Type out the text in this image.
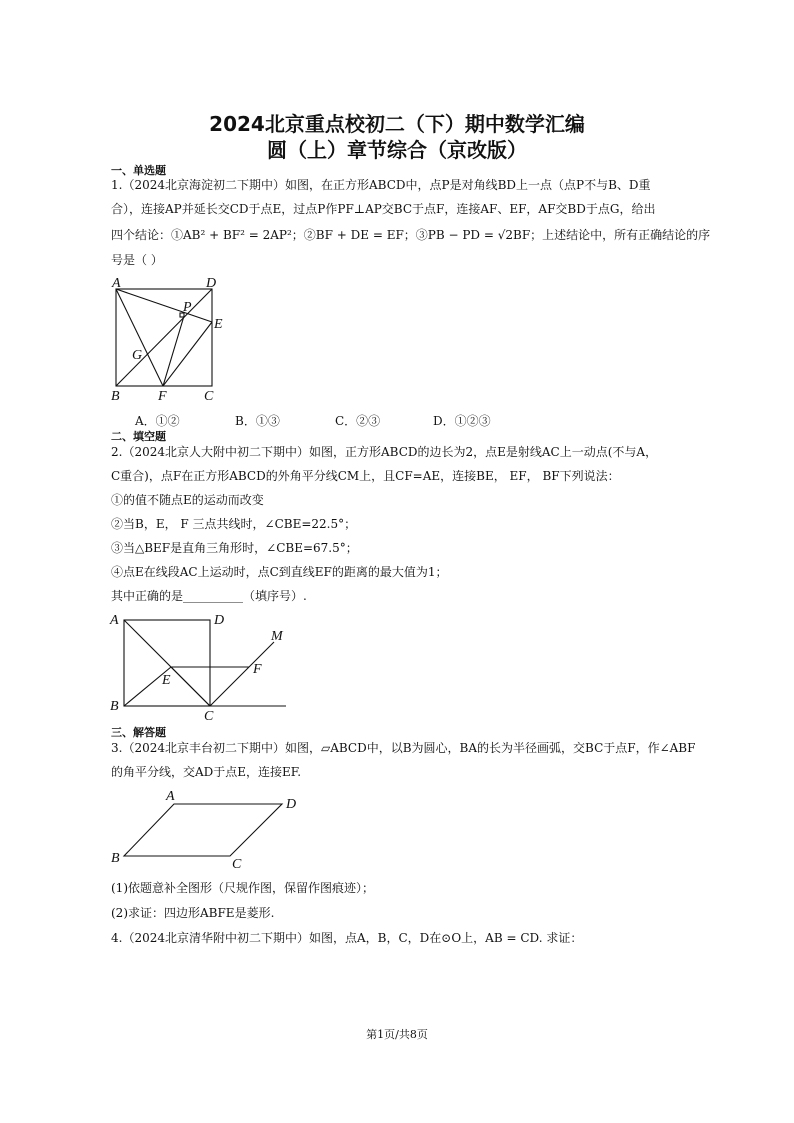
2024北京重点校初二（下）期中数学汇编
圆（上）章节综合（京改版）
一、单选题
1.（2024北京海淀初二下期中）如图，在正方形ABCD中，点P是对角线BD上一点（点P不与B、D重
合），连接AP并延长交CD于点E，过点P作PF⊥AP交BC于点F，连接AF、EF，AF交BD于点G，给出
四个结论：①AB² + BF² = 2AP²；②BF + DE = EF；③PB − PD = √2BF；上述结论中，所有正确结论的序
号是（ ）
A	D
P
E
G
B	F	C
A．①②	B．①③	C．②③	D．①②③
二、填空题
2.（2024北京人大附中初二下期中）如图，正方形ABCD的边长为2，点E是射线AC上一动点(不与A，
C重合)，点F在正方形ABCD的外角平分线CM上，且CF=AE，连接BE， EF， BF下列说法：
①的值不随点E的运动而改变
②当B，E， F 三点共线时，∠CBE=22.5°；
③当△BEF是直角三角形时，∠CBE=67.5°；
④点E在线段AC上运动时，点C到直线EF的距离的最大值为1；
其中正确的是__________（填序号）.
A	D
M
E
F
B
C
三、解答题
3.（2024北京丰台初二下期中）如图，▱ABCD中，以B为圆心，BA的长为半径画弧，交BC于点F，作∠ABF
的角平分线，交AD于点E，连接EF.
A
D
B	C
(1)依题意补全图形（尺规作图，保留作图痕迹）；
(2)求证：四边形ABFE是菱形.
4.（2024北京清华附中初二下期中）如图，点A，B，C，D在⊙O上，AB = CD. 求证：
第1页/共8页
